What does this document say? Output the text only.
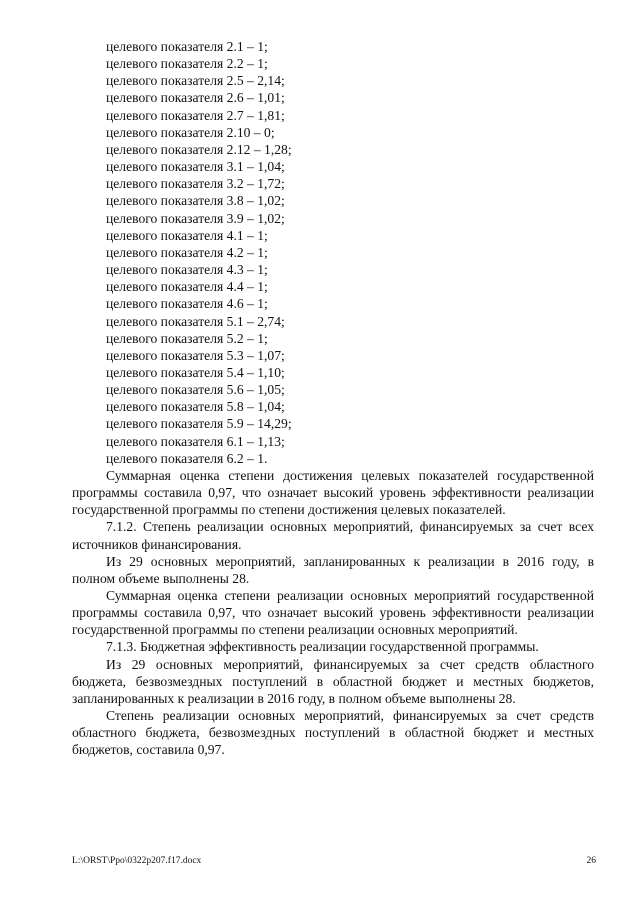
целевого показателя 2.1 – 1;
целевого показателя 2.2 – 1;
целевого показателя 2.5 – 2,14;
целевого показателя 2.6 – 1,01;
целевого показателя 2.7 – 1,81;
целевого показателя 2.10 – 0;
целевого показателя 2.12 – 1,28;
целевого показателя 3.1 – 1,04;
целевого показателя 3.2 – 1,72;
целевого показателя 3.8 – 1,02;
целевого показателя 3.9 – 1,02;
целевого показателя 4.1 – 1;
целевого показателя 4.2 – 1;
целевого показателя 4.3 – 1;
целевого показателя 4.4 – 1;
целевого показателя 4.6 – 1;
целевого показателя 5.1 – 2,74;
целевого показателя 5.2 – 1;
целевого показателя 5.3 – 1,07;
целевого показателя 5.4 – 1,10;
целевого показателя 5.6 – 1,05;
целевого показателя 5.8 – 1,04;
целевого показателя 5.9 – 14,29;
целевого показателя 6.1 – 1,13;
целевого показателя 6.2 – 1.

Суммарная оценка степени достижения целевых показателей государственной программы составила 0,97, что означает высокий уровень эффективности реализации государственной программы по степени достижения целевых показателей.

7.1.2. Степень реализации основных мероприятий, финансируемых за счет всех источников финансирования.

Из 29 основных мероприятий, запланированных к реализации в 2016 году, в полном объеме выполнены 28.

Суммарная оценка степени реализации основных мероприятий государственной программы составила 0,97, что означает высокий уровень эффективности реализации государственной программы по степени реализации основных мероприятий.

7.1.3. Бюджетная эффективность реализации государственной программы.

Из 29 основных мероприятий, финансируемых за счет средств областного бюджета, безвозмездных поступлений в областной бюджет и местных бюджетов, запланированных к реализации в 2016 году, в полном объеме выполнены 28.

Степень реализации основных мероприятий, финансируемых за счет средств областного бюджета, безвозмездных поступлений в областной бюджет и местных бюджетов, составила 0,97.

L:\ORST\Ppo\0322p207.f17.docx	26
